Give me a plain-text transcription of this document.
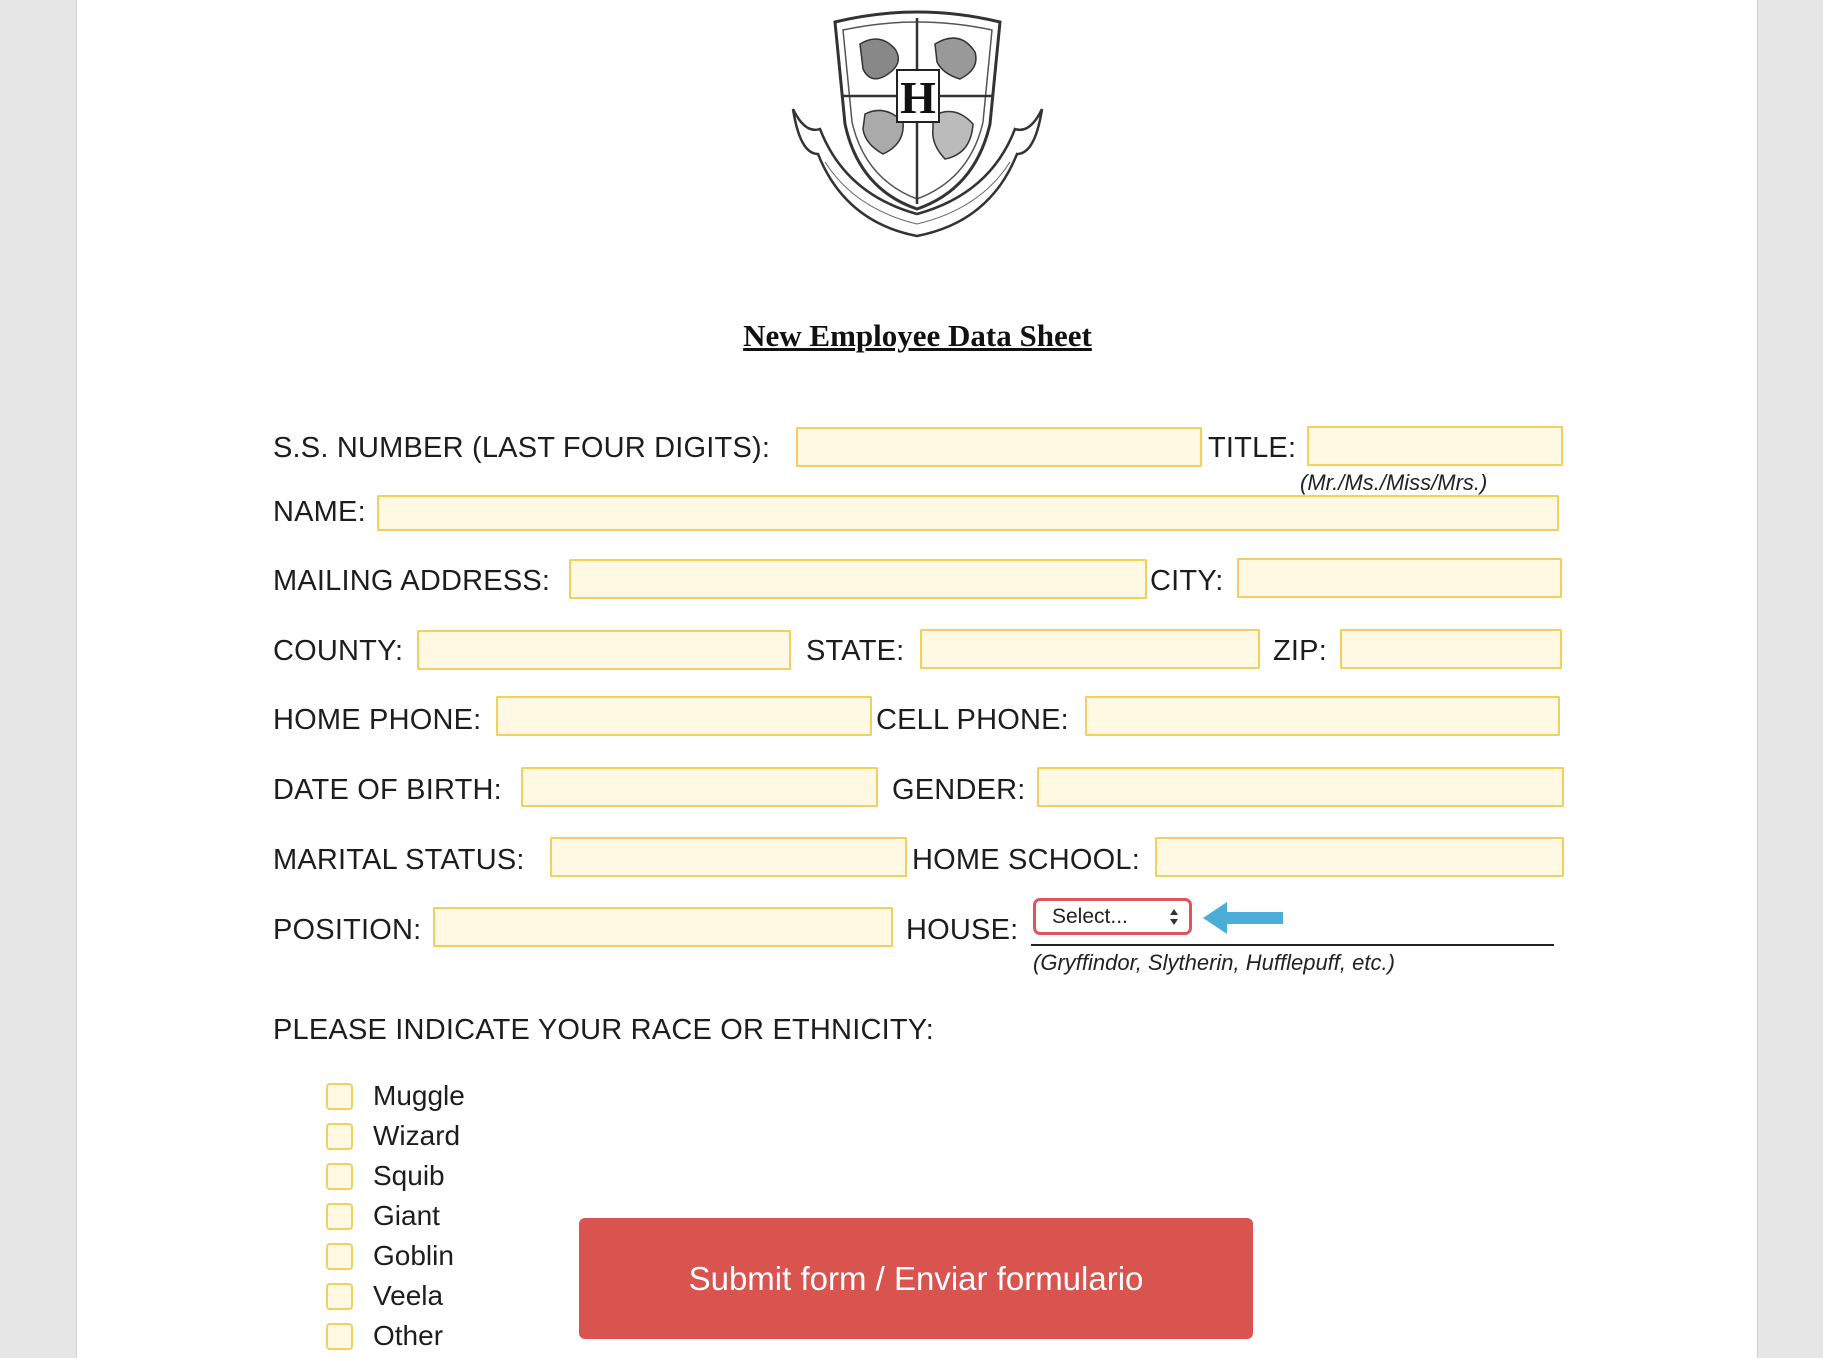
H
New Employee Data Sheet
S.S. NUMBER (LAST FOUR DIGITS):	TITLE:
(Mr./Ms./Miss/Mrs.)
NAME:
MAILING ADDRESS:	CITY:
COUNTY:	STATE:	ZIP:
HOME PHONE:	CELL PHONE:
DATE OF BIRTH:	GENDER:
MARITAL STATUS:	HOME SCHOOL:
POSITION:	HOUSE:	Select...
(Gryffindor, Slytherin, Hufflepuff, etc.)
PLEASE INDICATE YOUR RACE OR ETHNICITY:
Muggle
Wizard
Squib
Giant
Goblin
Veela
Other
Submit form / Enviar formulario
